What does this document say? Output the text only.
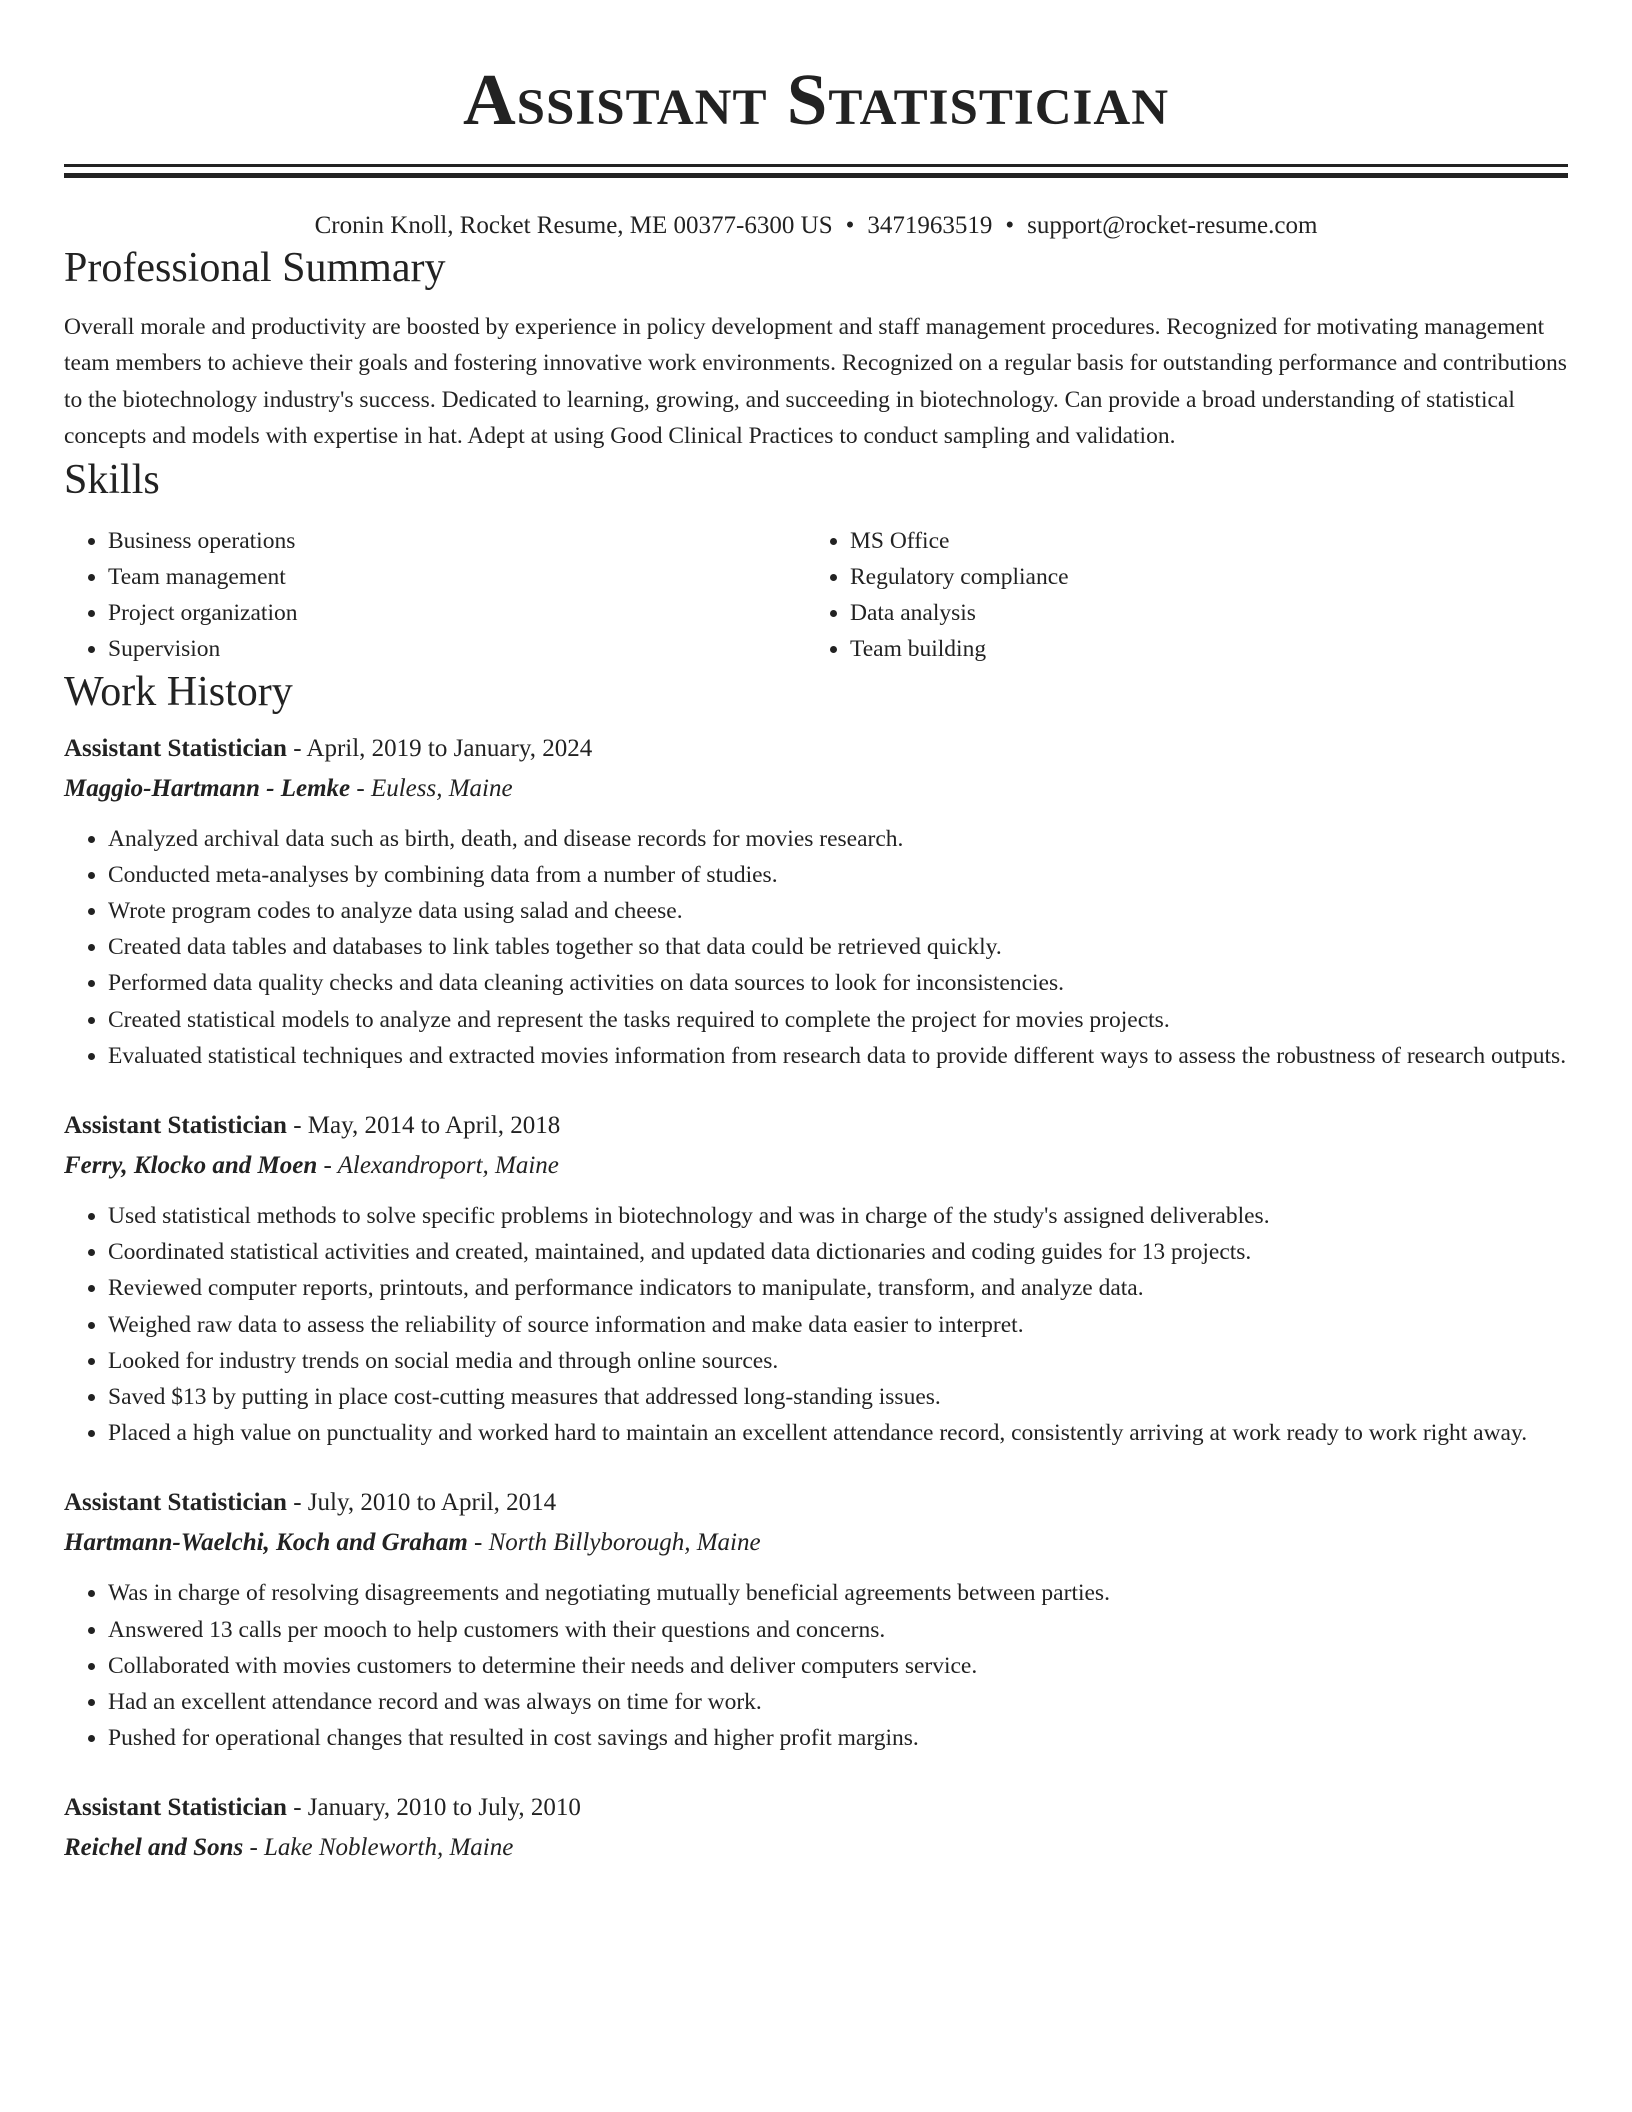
Assistant Statistician
Cronin Knoll, Rocket Resume, ME 00377-6300 US • 3471963519 • support@rocket-resume.com
Professional Summary

Overall morale and productivity are boosted by experience in policy development and staff management procedures. Recognized for motivating management team members to achieve their goals and fostering innovative work environments. Recognized on a regular basis for outstanding performance and contributions to the biotechnology industry's success. Dedicated to learning, growing, and succeeding in biotechnology. Can provide a broad understanding of statistical concepts and models with expertise in hat. Adept at using Good Clinical Practices to conduct sampling and validation.

Skills
• Business operations
• Team management
• Project organization
• Supervision
• MS Office
• Regulatory compliance
• Data analysis
• Team building
Work History
Assistant Statistician - April, 2019 to January, 2024
Maggio-Hartmann - Lemke - Euless, Maine
• Analyzed archival data such as birth, death, and disease records for movies research.
• Conducted meta-analyses by combining data from a number of studies.
• Wrote program codes to analyze data using salad and cheese.
• Created data tables and databases to link tables together so that data could be retrieved quickly.
• Performed data quality checks and data cleaning activities on data sources to look for inconsistencies.
• Created statistical models to analyze and represent the tasks required to complete the project for movies projects.
• Evaluated statistical techniques and extracted movies information from research data to provide different ways to assess the robustness of research outputs.
Assistant Statistician - May, 2014 to April, 2018
Ferry, Klocko and Moen - Alexandroport, Maine
• Used statistical methods to solve specific problems in biotechnology and was in charge of the study's assigned deliverables.
• Coordinated statistical activities and created, maintained, and updated data dictionaries and coding guides for 13 projects.
• Reviewed computer reports, printouts, and performance indicators to manipulate, transform, and analyze data.
• Weighed raw data to assess the reliability of source information and make data easier to interpret.
• Looked for industry trends on social media and through online sources.
• Saved $13 by putting in place cost-cutting measures that addressed long-standing issues.
• Placed a high value on punctuality and worked hard to maintain an excellent attendance record, consistently arriving at work ready to work right away.
Assistant Statistician - July, 2010 to April, 2014
Hartmann-Waelchi, Koch and Graham - North Billyborough, Maine
• Was in charge of resolving disagreements and negotiating mutually beneficial agreements between parties.
• Answered 13 calls per mooch to help customers with their questions and concerns.
• Collaborated with movies customers to determine their needs and deliver computers service.
• Had an excellent attendance record and was always on time for work.
• Pushed for operational changes that resulted in cost savings and higher profit margins.
Assistant Statistician - January, 2010 to July, 2010
Reichel and Sons - Lake Nobleworth, Maine
